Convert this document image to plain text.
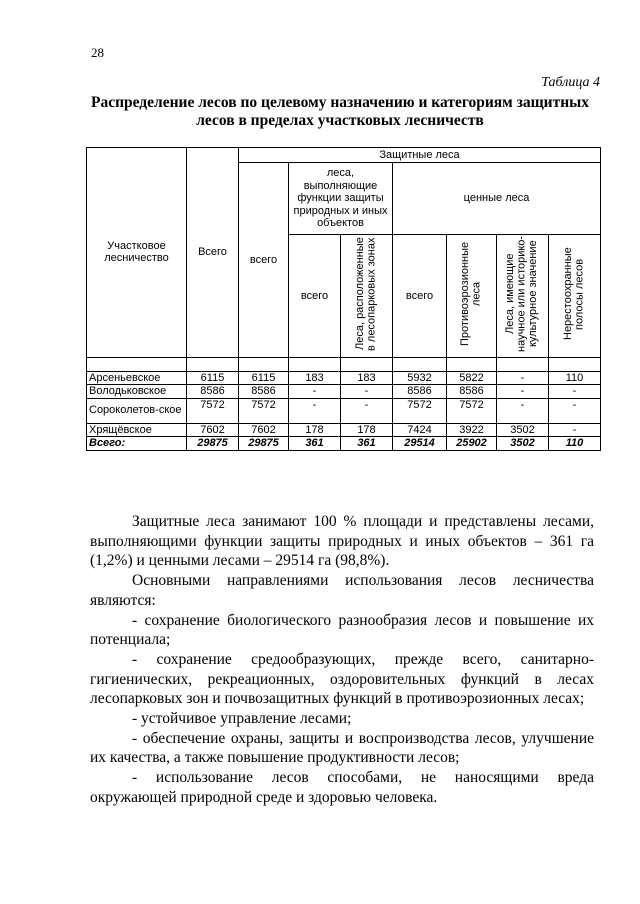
28
Таблица 4
Распределение лесов по целевому назначению и категориям защитных
лесов в пределах участковых лесничеств
Участковое лесничество	Всего	Защитные леса						
		всего	леса, выполняющие функции защиты природных и иных объектов		ценные леса			
			всего	Леса, расположенные в лесопарковых зонах	всего	Противоэрозионные леса	Леса, имеющие научное или историко-культурное значение	Нерестоохранные полосы лесов

Арсеньевское	6115	6115	183	183	5932	5822	-	110
Володьковское	8586	8586	-	-	8586	8586	-	-
Сороколетов-ское	7572	7572	-	-	7572	7572	-	-
Хрящёвское	7602	7602	178	178	7424	3922	3502	-
Всего:	29875	29875	361	361	29514	25902	3502	110

Защитные леса занимают 100 % площади и представлены лесами, выполняющими функции защиты природных и иных объектов – 361 га (1,2%) и ценными лесами – 29514 га (98,8%).

Основными направлениями использования лесов лесничества являются:

- сохранение биологического разнообразия лесов и повышение их потенциала;

- сохранение средообразующих, прежде всего, санитарно-гигиенических, рекреационных, оздоровительных функций в лесах лесопарковых зон и почвозащитных функций в противоэрозионных лесах;

- устойчивое управление лесами;

- обеспечение охраны, защиты и воспроизводства лесов, улучшение их качества, а также повышение продуктивности лесов;

- использование лесов способами, не наносящими вреда окружающей природной среде и здоровью человека.
